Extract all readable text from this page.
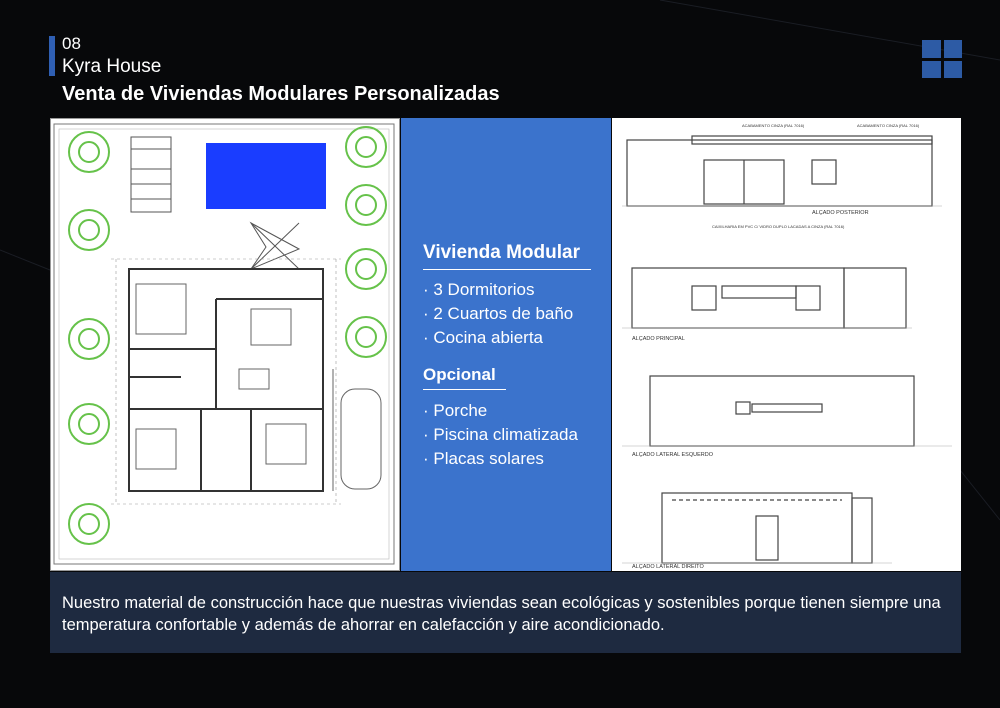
08
Kyra House
Venta de Viviendas Modulares Personalizadas
Vivienda Modular
· 3 Dormitorios
· 2 Cuartos de baño
· Cocina abierta
Opcional
· Porche
· Piscina climatizada
· Placas solares
ALÇADO POSTERIOR
ALÇADO PRINCIPAL
ALÇADO LATERAL ESQUERDO
ALÇADO LATERAL DIREITO
ACABAMENTO CINZA (RAL 7016)	ACABAMENTO CINZA (RAL 7016)
CAIXILHARIA EM PVC C/ VIDRO DUPLO LACADAS A CINZA (RAL 7016)

Nuestro material de construcción hace que nuestras viviendas sean ecológicas y sostenibles porque tienen siempre una temperatura confortable y además de ahorrar en calefacción y aire acondicionado.
